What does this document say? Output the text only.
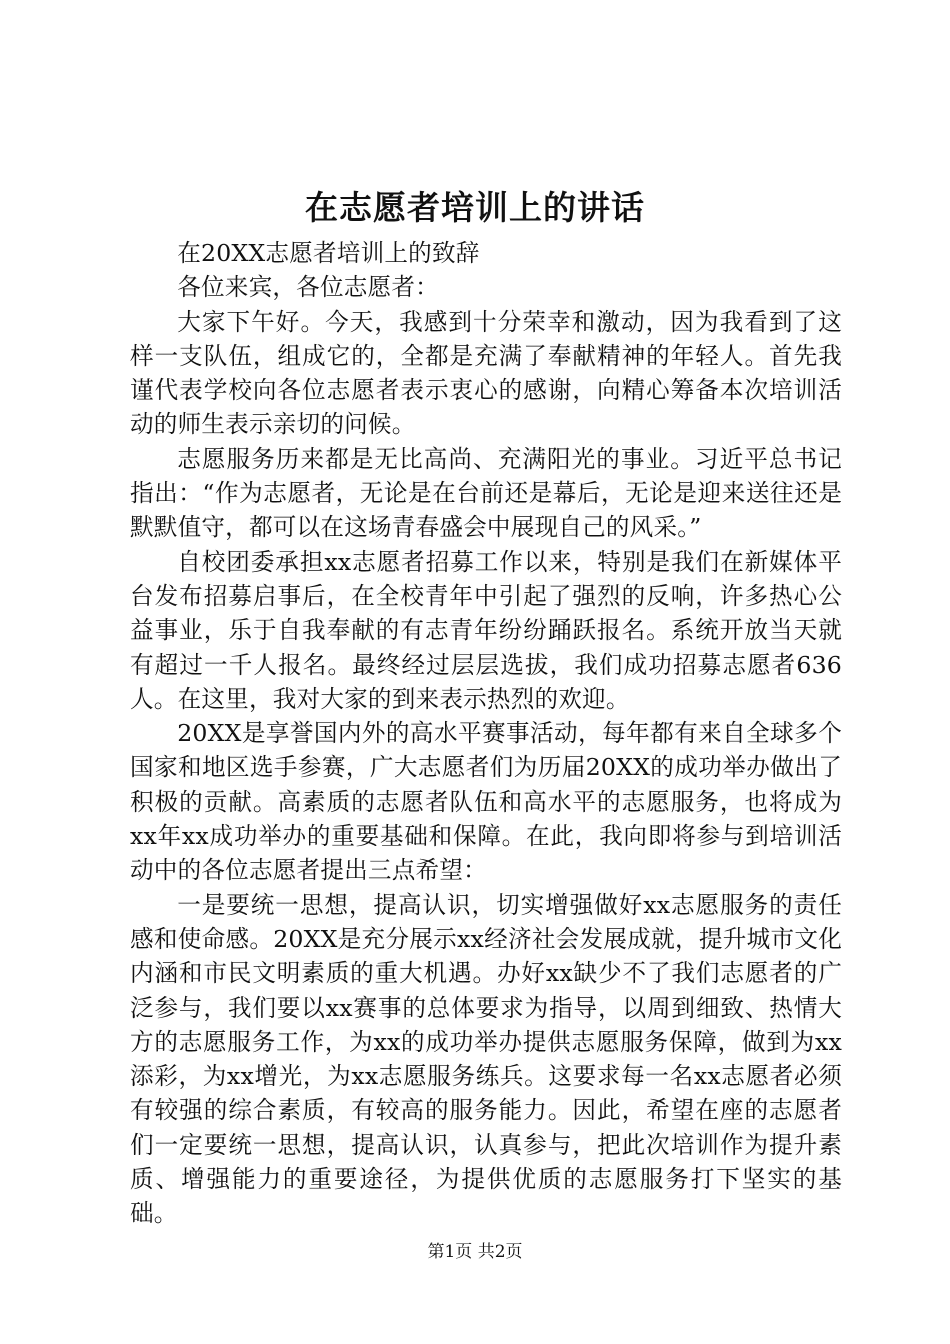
在志愿者培训上的讲话

在20XX志愿者培训上的致辞

各位来宾，各位志愿者：

大家下午好。今天，我感到十分荣幸和激动，因为我看到了这样一支队伍，组成它的，全都是充满了奉献精神的年轻人。首先我谨代表学校向各位志愿者表示衷心的感谢，向精心筹备本次培训活动的师生表示亲切的问候。

志愿服务历来都是无比高尚、充满阳光的事业。习近平总书记指出：“作为志愿者，无论是在台前还是幕后，无论是迎来送往还是默默值守，都可以在这场青春盛会中展现自己的风采。”

自校团委承担xx志愿者招募工作以来，特别是我们在新媒体平台发布招募启事后，在全校青年中引起了强烈的反响，许多热心公益事业，乐于自我奉献的有志青年纷纷踊跃报名。系统开放当天就有超过一千人报名。最终经过层层选拔，我们成功招募志愿者636人。在这里，我对大家的到来表示热烈的欢迎。

20XX是享誉国内外的高水平赛事活动，每年都有来自全球多个国家和地区选手参赛，广大志愿者们为历届20XX的成功举办做出了积极的贡献。高素质的志愿者队伍和高水平的志愿服务，也将成为xx年xx成功举办的重要基础和保障。在此，我向即将参与到培训活动中的各位志愿者提出三点希望：

一是要统一思想，提高认识，切实增强做好xx志愿服务的责任感和使命感。20XX是充分展示xx经济社会发展成就，提升城市文化内涵和市民文明素质的重大机遇。办好xx缺少不了我们志愿者的广泛参与，我们要以xx赛事的总体要求为指导，以周到细致、热情大方的志愿服务工作，为xx的成功举办提供志愿服务保障，做到为xx添彩，为xx增光，为xx志愿服务练兵。这要求每一名xx志愿者必须有较强的综合素质，有较高的服务能力。因此，希望在座的志愿者们一定要统一思想，提高认识，认真参与，把此次培训作为提升素质、增强能力的重要途径，为提供优质的志愿服务打下坚实的基础。

第1页 共2页
